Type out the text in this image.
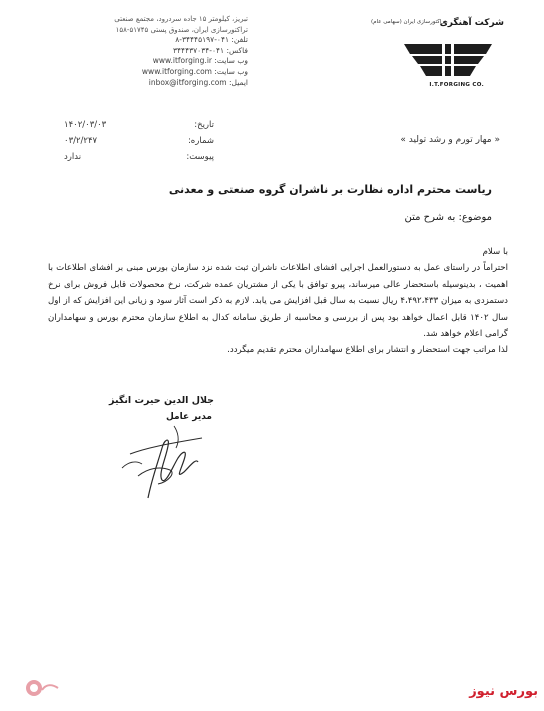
تبریز، کیلومتر ۱۵ جاده سردرود، مجتمع صنعتی
تراکتورسازی ایران، صندوق پستی ۵۱۷۴۵-۱۵۸
تلفن: ۰۴۱-۳۴۴۴۵۱۹۷-۸
فاکس: ۰۴۱-۳۴۴۴۳۷۰۳۴
وب سایت: www.itforging.ir
وب سایت: www.itforging.com
ایمیل: inbox@itforging.com
شرکت آهنگری
تراکتورسازی ایران (سهامی عام)
I.T.FORGING CO.
تاریخ:
۱۴۰۲/۰۳/۰۳
شماره:
۰۳/۲/۲۴۷
پیوست:
ندارد
« مهار تورم و رشد تولید »
ریاست محترم اداره نظارت بر ناشران گروه صنعتی و معدنی
موضوع: به شرح متن

با سلام

احتراماً در راستای عمل به دستورالعمل اجرایی افشای اطلاعات ناشران ثبت شده نزد سازمان بورس مبنی بر افشای اطلاعات با اهمیت ، بدینوسیله باستحضار عالی میرساند، پیرو توافق با یکی از مشتریان عمده شرکت، نرخ محصولات قابل فروش برای نرخ دستمزدی به میزان ۴،۴۹۲،۴۳۳ ریال نسبت به سال قبل افزایش می یابد. لازم به ذکر است آثار سود و زیانی این افزایش که از اول سال ۱۴۰۲ قابل اعمال خواهد بود پس از بررسی و محاسبه از طریق سامانه کدال به اطلاع سازمان محترم بورس و سهامداران گرامی اعلام خواهد شد.

لذا مراتب جهت استحضار و انتشار برای اطلاع سهامداران محترم تقدیم میگردد.

جلال الدین حیرت انگیز
مدیر عامل
بورس نیوز
